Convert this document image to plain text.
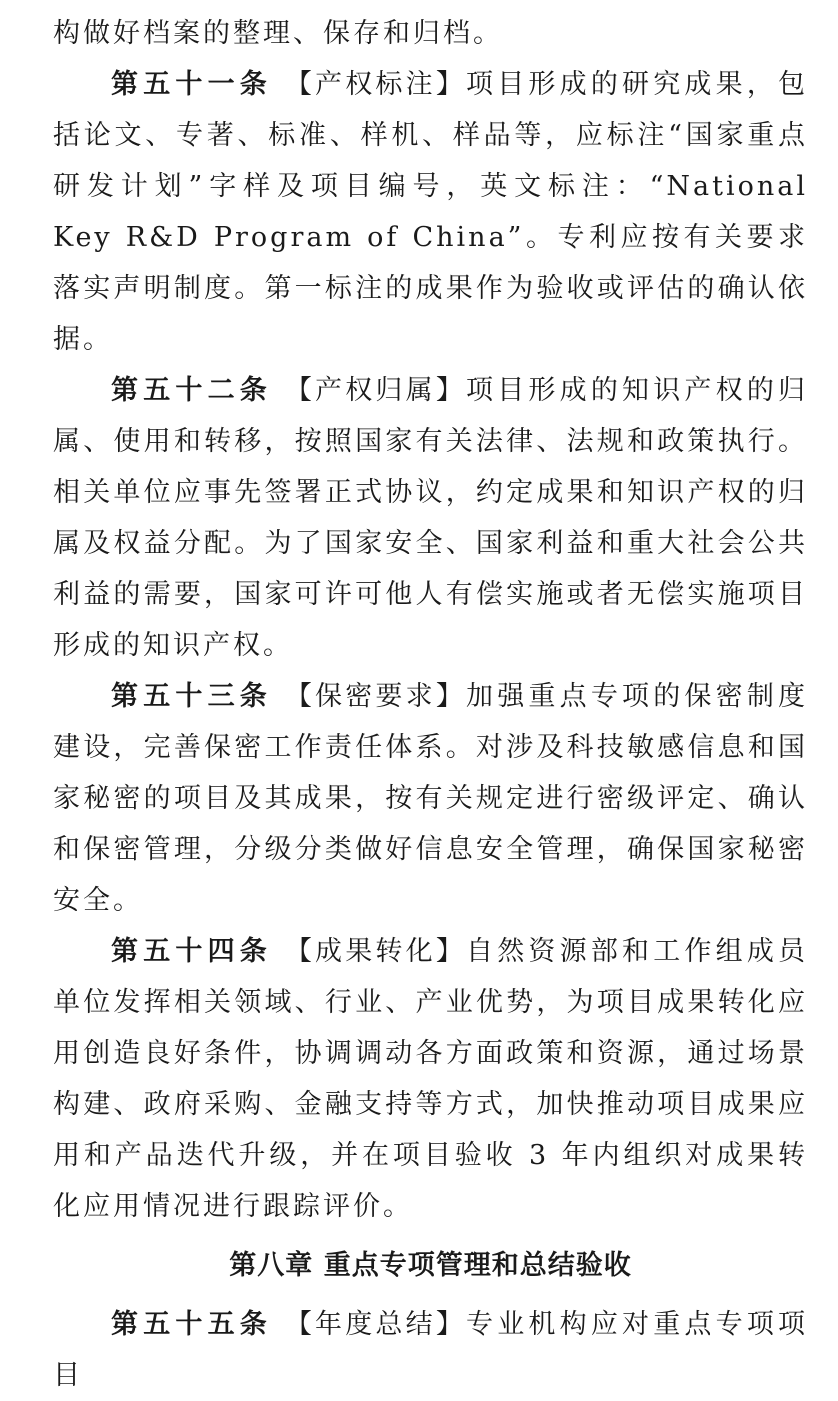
构做好档案的整理、保存和归档。

第五十一条 【产权标注】项目形成的研究成果，包括论文、专著、标准、样机、样品等，应标注“国家重点研发计划”字样及项目编号，英文标注：“National Key R&D Program of China”。专利应按有关要求落实声明制度。第一标注的成果作为验收或评估的确认依据。

第五十二条 【产权归属】项目形成的知识产权的归属、使用和转移，按照国家有关法律、法规和政策执行。相关单位应事先签署正式协议，约定成果和知识产权的归属及权益分配。为了国家安全、国家利益和重大社会公共利益的需要，国家可许可他人有偿实施或者无偿实施项目形成的知识产权。

第五十三条 【保密要求】加强重点专项的保密制度建设，完善保密工作责任体系。对涉及科技敏感信息和国家秘密的项目及其成果，按有关规定进行密级评定、确认和保密管理，分级分类做好信息安全管理，确保国家秘密安全。

第五十四条 【成果转化】自然资源部和工作组成员单位发挥相关领域、行业、产业优势，为项目成果转化应用创造良好条件，协调调动各方面政策和资源，通过场景构建、政府采购、金融支持等方式，加快推动项目成果应用和产品迭代升级，并在项目验收 3 年内组织对成果转化应用情况进行跟踪评价。

第八章 重点专项管理和总结验收

第五十五条 【年度总结】专业机构应对重点专项项目
